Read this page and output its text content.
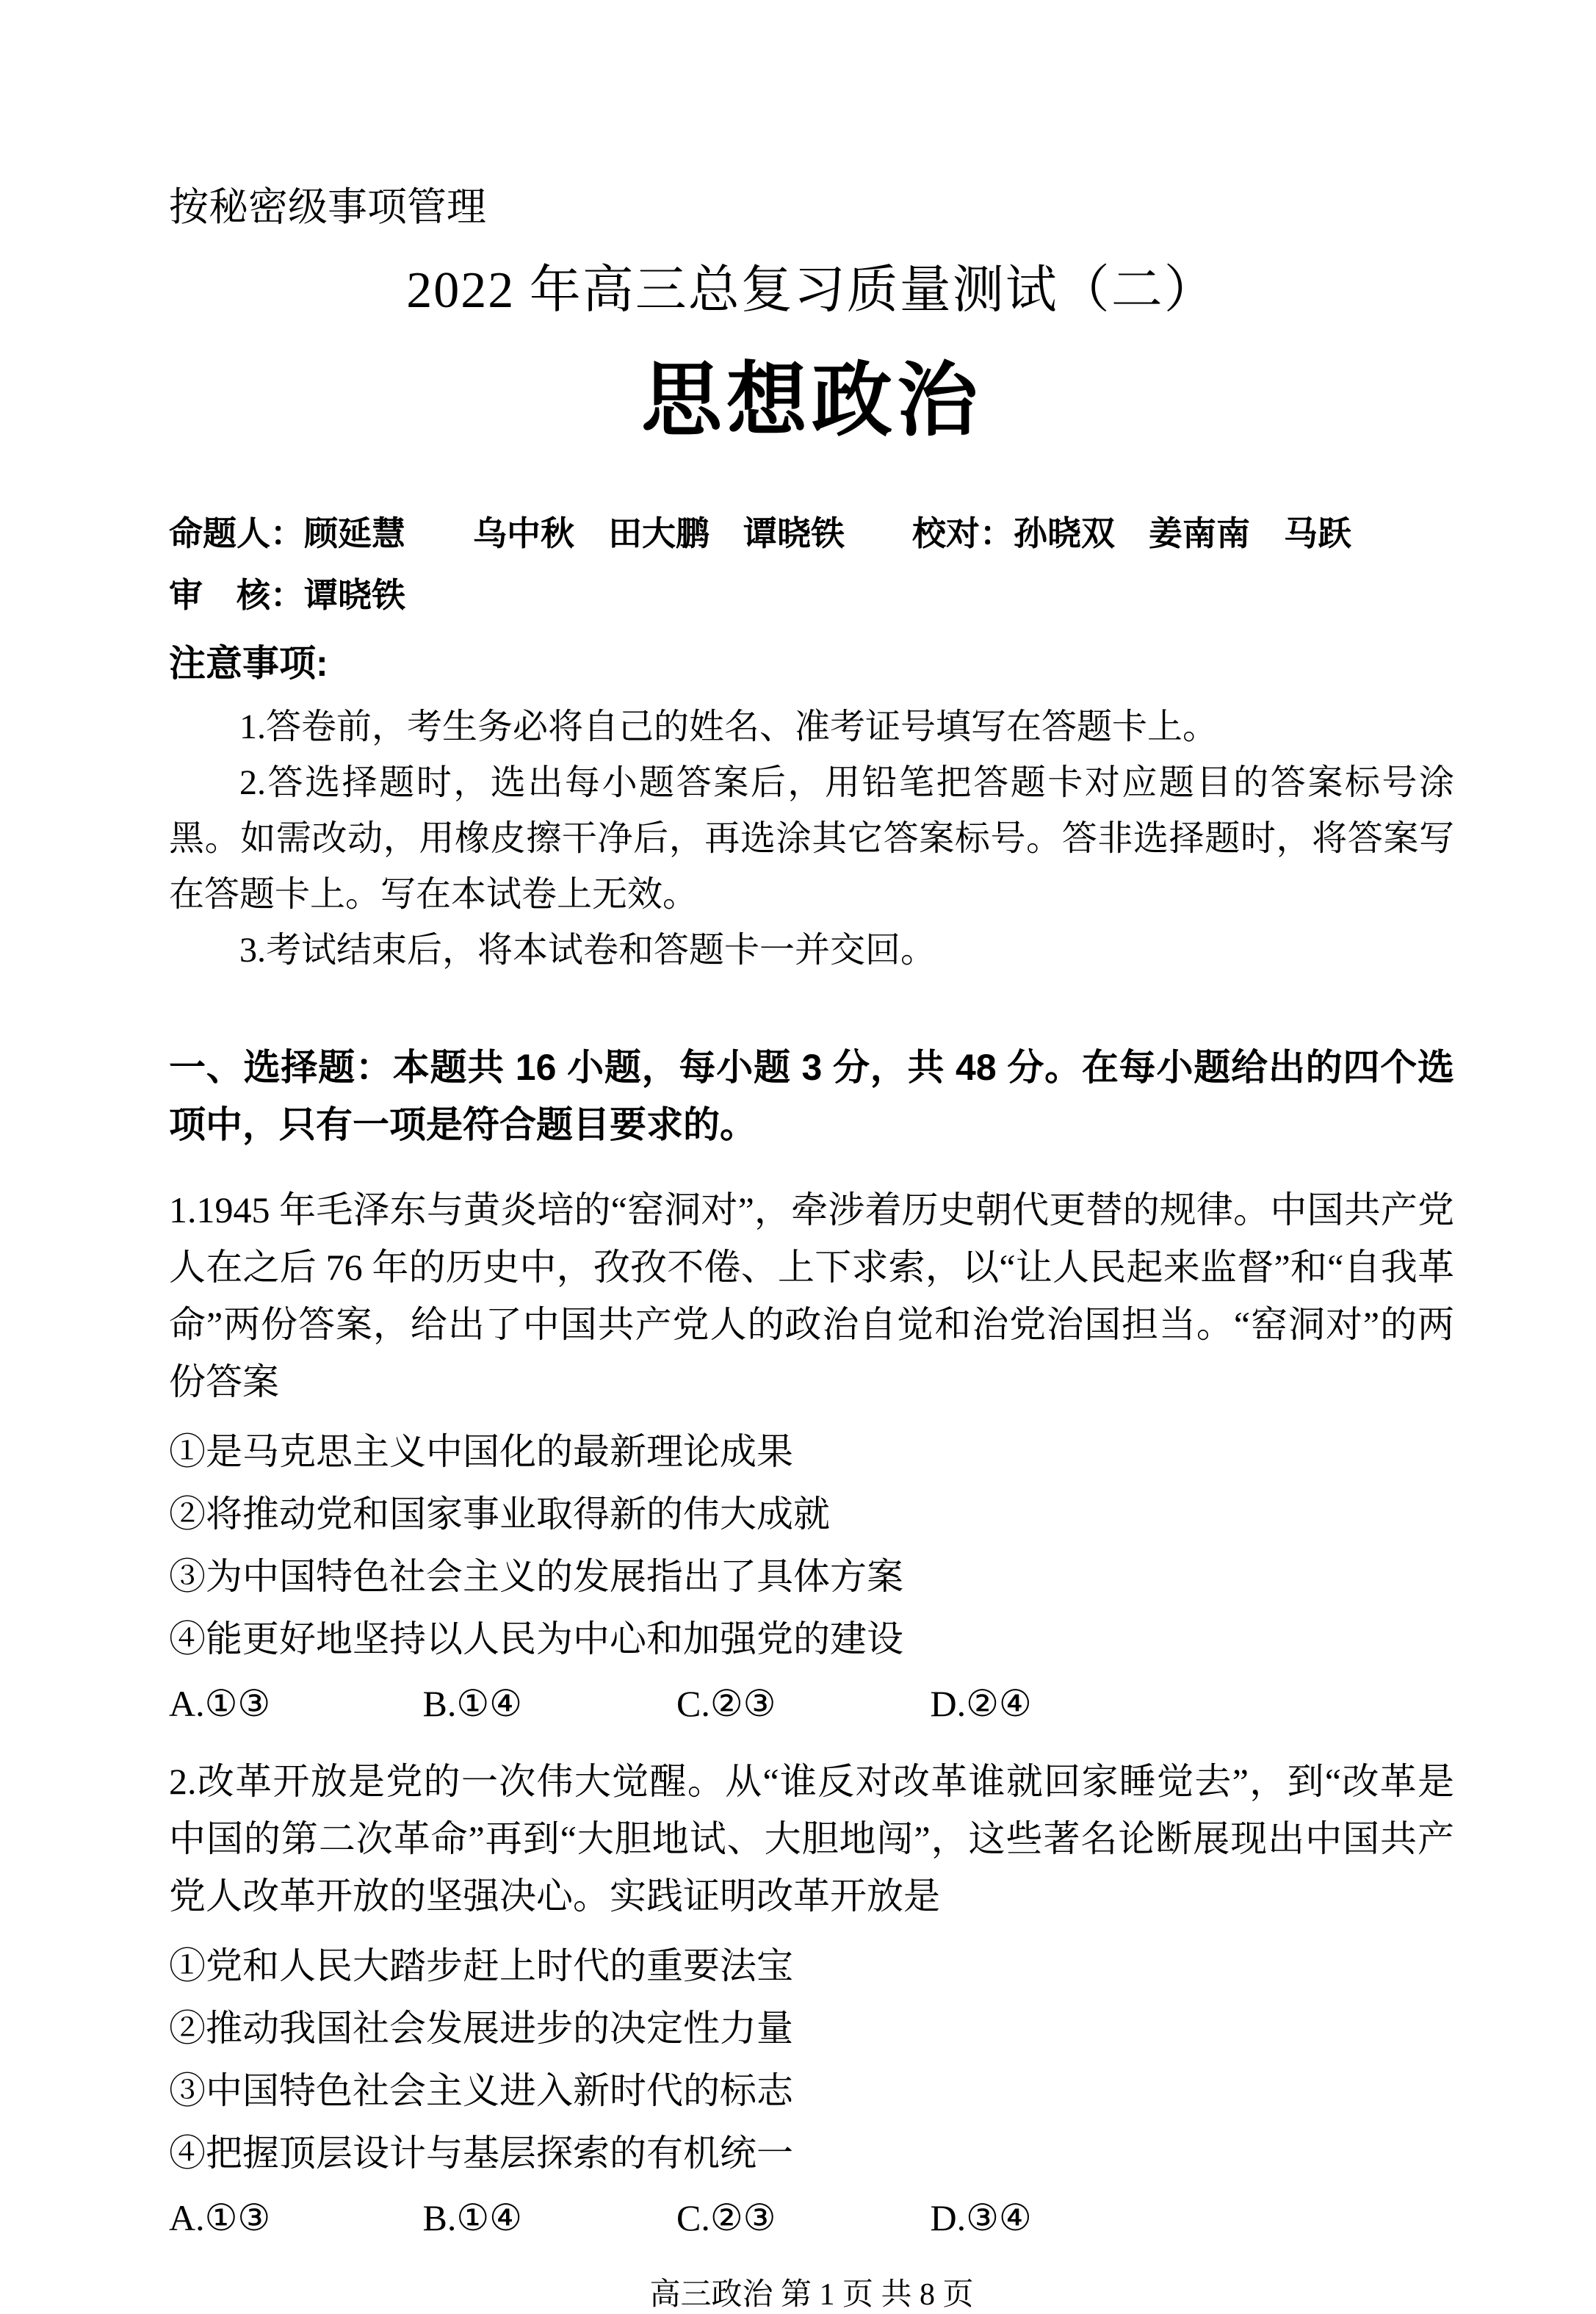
按秘密级事项管理
2022 年高三总复习质量测试（二）
思想政治
命题人：顾延慧　　乌中秋　田大鹏　谭晓铁　　校对：孙晓双　姜南南　马跃
审　核：谭晓铁
注意事项:

1.答卷前，考生务必将自己的姓名、准考证号填写在答题卡上。

2.答选择题时，选出每小题答案后，用铅笔把答题卡对应题目的答案标号涂黑。如需改动，用橡皮擦干净后，再选涂其它答案标号。答非选择题时，将答案写在答题卡上。写在本试卷上无效。

3.考试结束后，将本试卷和答题卡一并交回。

一、选择题：本题共 16 小题，每小题 3 分，共 48 分。在每小题给出的四个选项中，只有一项是符合题目要求的。

1.1945 年毛泽东与黄炎培的“窑洞对”，牵涉着历史朝代更替的规律。中国共产党人在之后 76 年的历史中，孜孜不倦、上下求索，以“让人民起来监督”和“自我革命”两份答案，给出了中国共产党人的政治自觉和治党治国担当。“窑洞对”的两份答案

①是马克思主义中国化的最新理论成果
②将推动党和国家事业取得新的伟大成就
③为中国特色社会主义的发展指出了具体方案
④能更好地坚持以人民为中心和加强党的建设
A.①③	B.①④	C.②③	D.②④

2.改革开放是党的一次伟大觉醒。从“谁反对改革谁就回家睡觉去”，到“改革是中国的第二次革命”再到“大胆地试、大胆地闯”，这些著名论断展现出中国共产党人改革开放的坚强决心。实践证明改革开放是

①党和人民大踏步赶上时代的重要法宝
②推动我国社会发展进步的决定性力量
③中国特色社会主义进入新时代的标志
④把握顶层设计与基层探索的有机统一
A.①③	B.①④	C.②③	D.③④
高三政治 第 1 页 共 8 页
